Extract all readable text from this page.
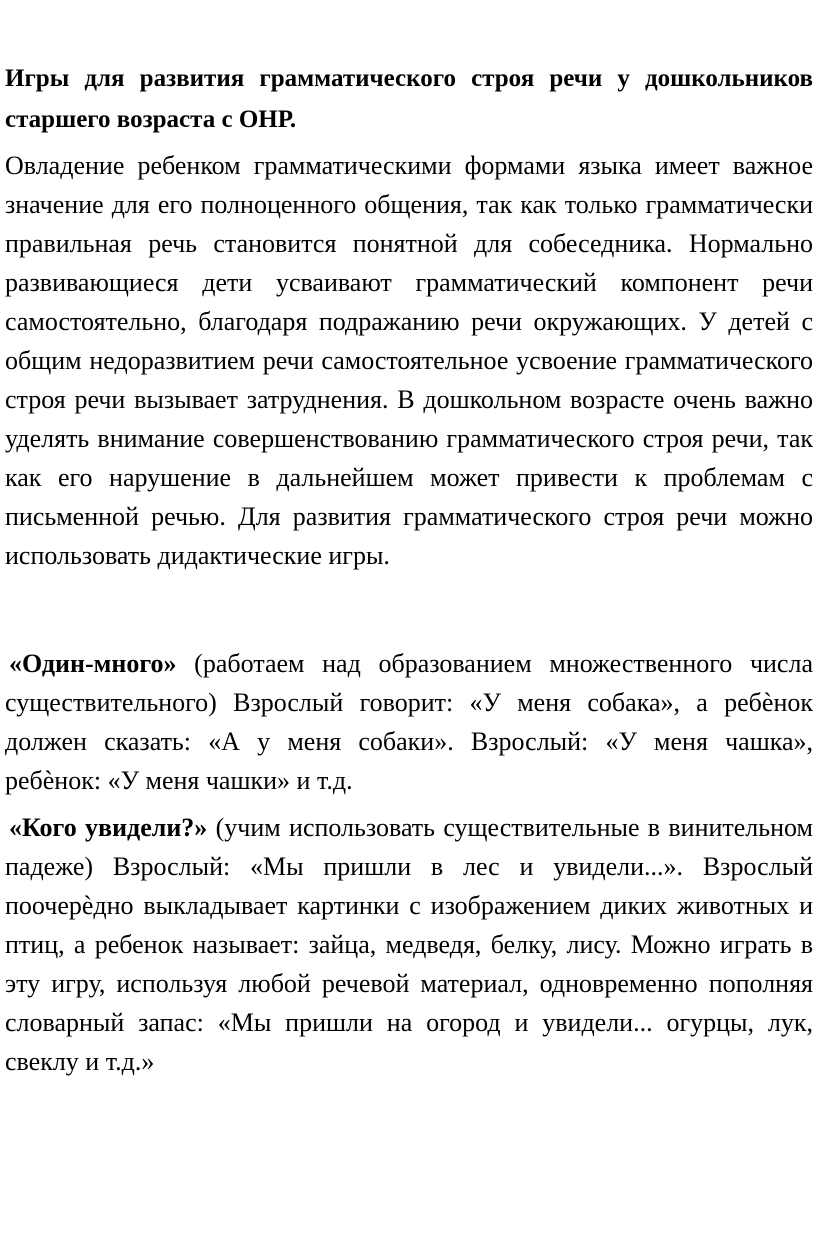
Игры для развития грамматического строя речи у дошкольников старшего возраста с ОНР.

Овладение ребенком грамматическими формами языка имеет важное значение для его полноценного общения, так как только грамматически правильная речь становится понятной для собеседника. Нормально развивающиеся дети усваивают грамматический компонент речи самостоятельно, благодаря подражанию речи окружающих. У детей с общим недоразвитием речи самостоятельное усвоение грамматического строя речи вызывает затруднения. В дошкольном возрасте очень важно уделять внимание совершенствованию грамматического строя речи, так как его нарушение в дальнейшем может привести к проблемам с письменной речью. Для развития грамматического строя речи можно использовать дидактические игры.

«Один-много» (работаем над образованием множественного числа существительного) Взрослый говорит: «У меня собака», а ребѐнок должен сказать: «А у меня собаки». Взрослый: «У меня чашка», ребѐнок: «У меня чашки» и т.д.

«Кого увидели?» (учим использовать существительные в винительном падеже) Взрослый: «Мы пришли в лес и увидели...». Взрослый поочерѐдно выкладывает картинки с изображением диких животных и птиц, а ребенок называет: зайца, медведя, белку, лису. Можно играть в эту игру, используя любой речевой материал, одновременно пополняя словарный запас: «Мы пришли на огород и увидели... огурцы, лук, свеклу и т.д.»
